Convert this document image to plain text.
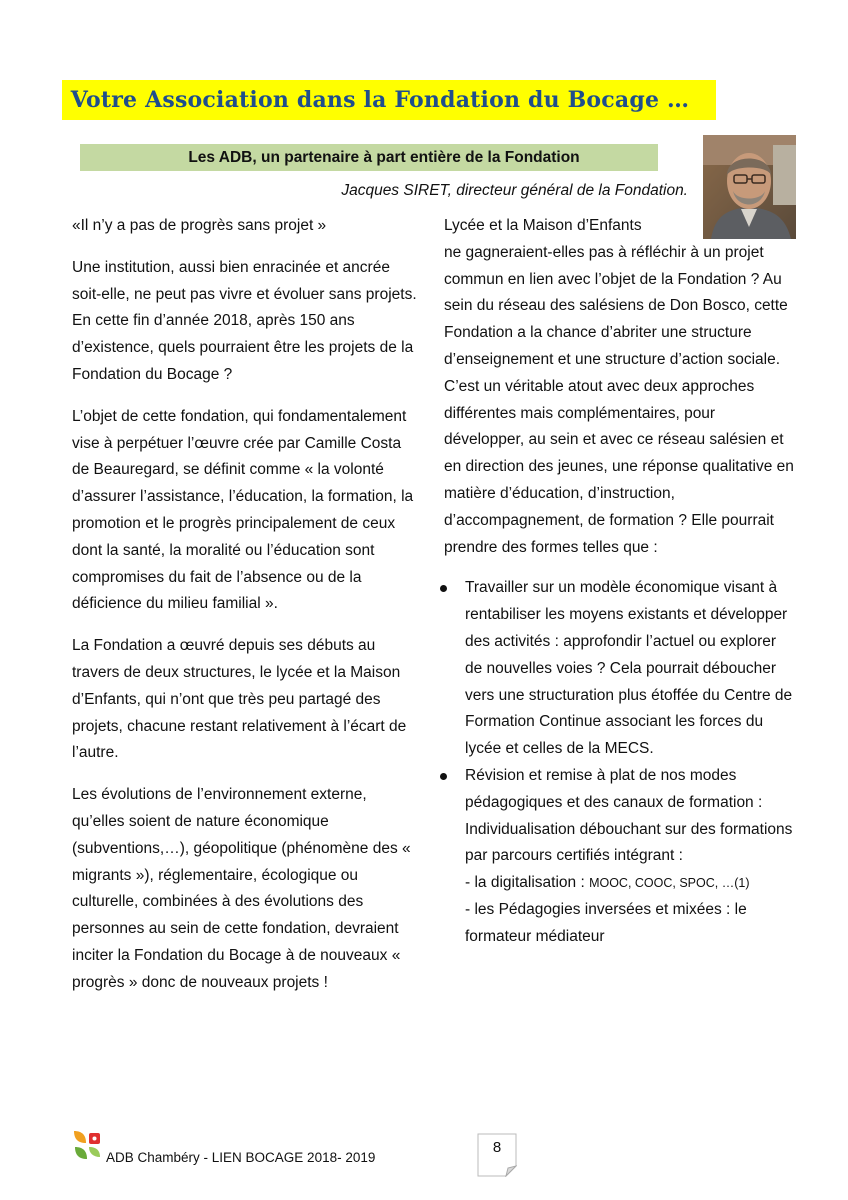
Votre Association dans la Fondation du Bocage …
Les ADB, un partenaire à part entière de la Fondation
Jacques SIRET, directeur général de la Fondation.

«Il n’y a pas de progrès sans projet »

Une institution, aussi bien enracinée et ancrée soit-elle, ne peut pas vivre et évoluer sans projets. En cette fin d’année 2018, après 150 ans d’existence, quels pourraient être les projets de la Fondation du Bocage ?

L’objet de cette fondation, qui fondamentalement vise à perpétuer l’œuvre crée par Camille Costa de Beauregard, se définit comme « la volonté d’assurer l’assistance, l’éducation, la formation, la promotion et le progrès principalement de ceux dont la santé, la moralité ou l’éducation sont compromises du fait de l’absence ou de la déficience du milieu familial ».

La Fondation a œuvré depuis ses débuts au travers de deux structures, le lycée et la Maison d’Enfants, qui n’ont que très peu partagé des projets, chacune restant relativement à l’écart de l’autre.

Les évolutions de l’environnement externe, qu’elles soient de nature économique (subventions,…), géopolitique (phénomène des « migrants »), réglementaire, écologique ou culturelle, combinées à des évolutions des personnes au sein de cette fondation, devraient inciter la Fondation du Bocage à de nouveaux « progrès » donc de nouveaux projets !

Lycée et la Maison d’Enfants
ne gagneraient-elles pas à réfléchir à un projet commun en lien avec l’objet de la Fondation ? Au sein du réseau des salésiens de Don Bosco, cette Fondation a la chance d’abriter une structure d’enseignement et une structure d’action sociale. C’est un véritable atout avec deux approches différentes mais complémentaires, pour développer, au sein et avec ce réseau salésien et en direction des jeunes, une réponse qualitative en matière d’éducation, d’instruction, d’accompagnement, de formation ? Elle pourrait prendre des formes telles que :

Travailler sur un modèle économique visant à rentabiliser les moyens existants et développer des activités : approfondir l’actuel ou explorer de nouvelles voies ? Cela pourrait déboucher vers une structuration plus étoffée du Centre de Formation Continue associant les forces du lycée et celles de la MECS.
Révision et remise à plat de nos modes pédagogiques et des canaux de formation : Individualisation débouchant sur des formations par parcours certifiés intégrant :
- la digitalisation : MOOC, COOC, SPOC, …(1)
- les Pédagogies inversées et mixées : le formateur médiateur
ADB Chambéry - LIEN BOCAGE 2018- 2019
8
